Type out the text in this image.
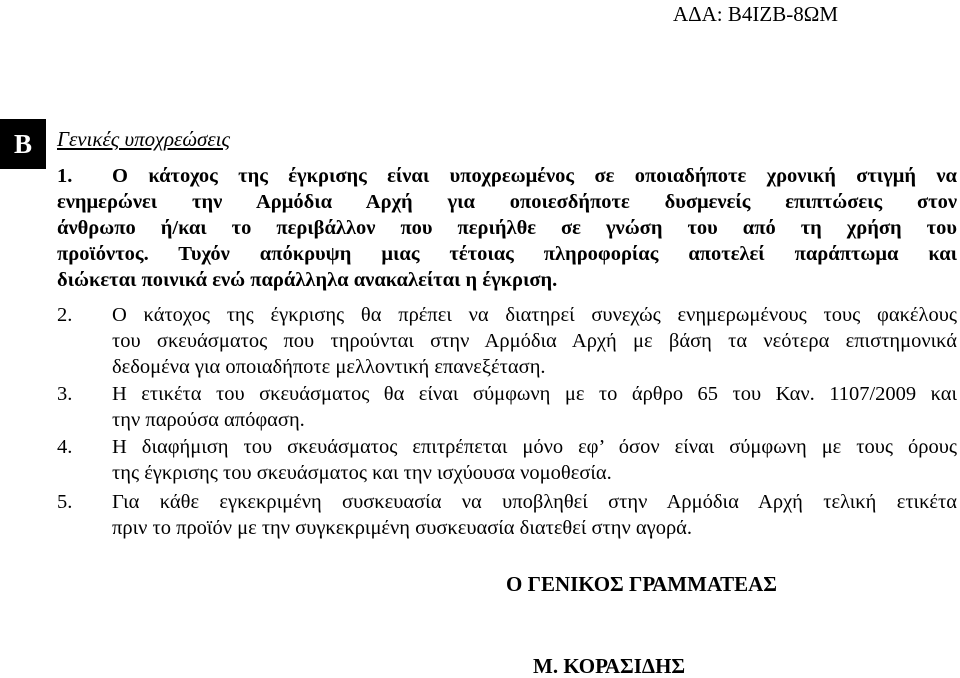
ΑΔΑ: Β4ΙΖΒ-8ΩΜ
B	Γενικές υποχρεώσεις
1. Ο κάτοχος της έγκρισης είναι υποχρεωμένος σε οποιαδήποτε χρονική στιγμή να
ενημερώνει την Αρμόδια Αρχή για οποιεσδήποτε δυσμενείς επιπτώσεις στον
άνθρωπο ή/και το περιβάλλον που περιήλθε σε γνώση του από τη χρήση του
προϊόντος. Τυχόν απόκρυψη μιας τέτοιας πληροφορίας αποτελεί παράπτωμα και
διώκεται ποινικά ενώ παράλληλα ανακαλείται η έγκριση.
2. Ο κάτοχος της έγκρισης θα πρέπει να διατηρεί συνεχώς ενημερωμένους τους φακέλους
του σκευάσματος που τηρούνται στην Αρμόδια Αρχή με βάση τα νεότερα επιστημονικά
δεδομένα για οποιαδήποτε μελλοντική επανεξέταση.
3. Η ετικέτα του σκευάσματος θα είναι σύμφωνη με το άρθρο 65 του Καν. 1107/2009 και
την παρούσα απόφαση.
4. Η διαφήμιση του σκευάσματος επιτρέπεται μόνο εφ’ όσον είναι σύμφωνη με τους όρους
της έγκρισης του σκευάσματος και την ισχύουσα νομοθεσία.
5. Για κάθε εγκεκριμένη συσκευασία να υποβληθεί στην Αρμόδια Αρχή τελική ετικέτα
πριν το προϊόν με την συγκεκριμένη συσκευασία διατεθεί στην αγορά.
Ο ΓΕΝΙΚΟΣ ΓΡΑΜΜΑΤΕΑΣ
Μ. ΚΟΡΑΣΙΔΗΣ
